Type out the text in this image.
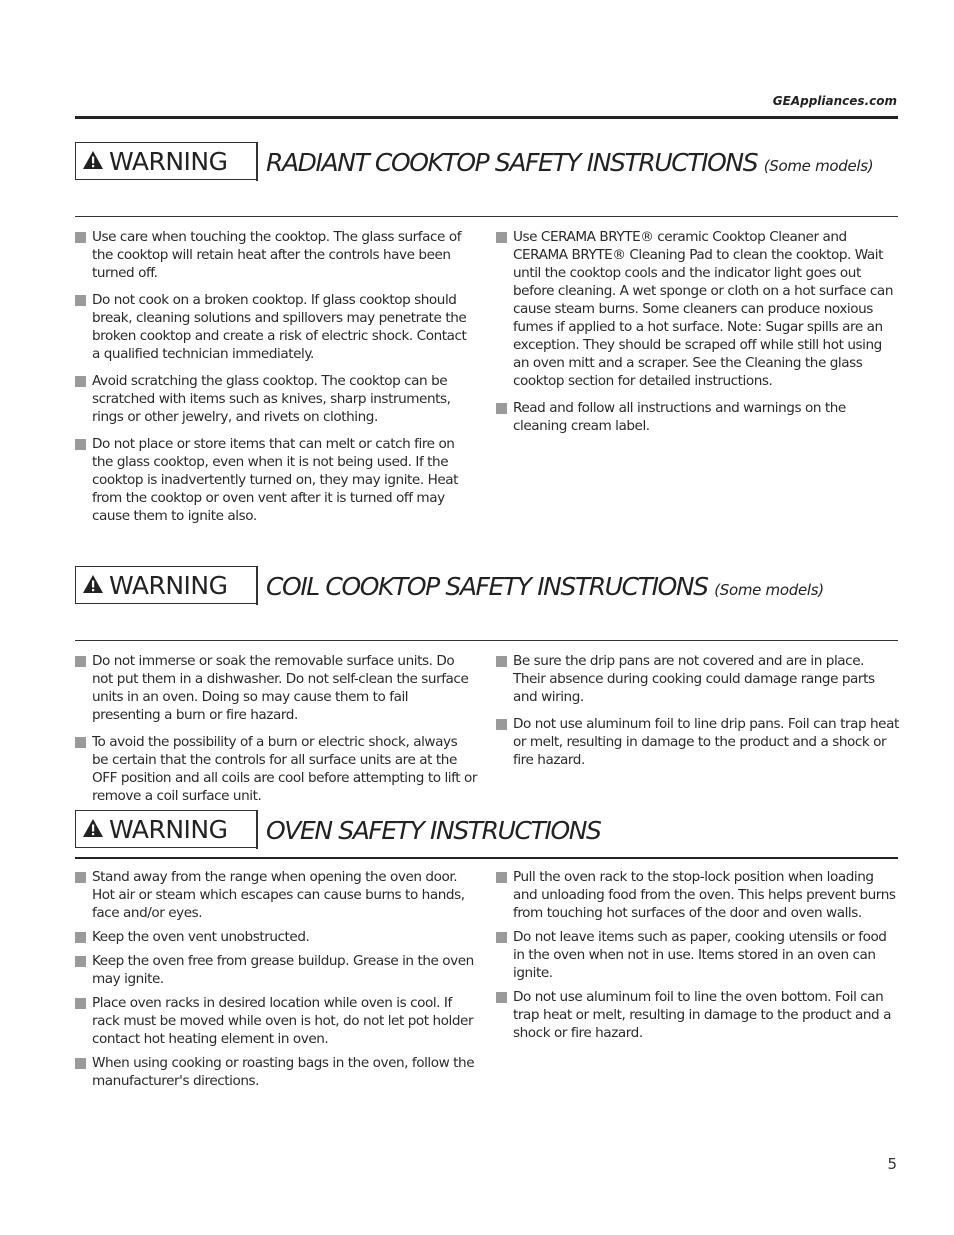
GEAppliances.com
WARNING RADIANT COOKTOP SAFETY INSTRUCTIONS (Some models)
Use care when touching the cooktop. The glass surface of the cooktop will retain heat after the controls have been turned off.
Do not cook on a broken cooktop. If glass cooktop should break, cleaning solutions and spillovers may penetrate the broken cooktop and create a risk of electric shock. Contact a qualified technician immediately.
Avoid scratching the glass cooktop. The cooktop can be scratched with items such as knives, sharp instruments, rings or other jewelry, and rivets on clothing.
Do not place or store items that can melt or catch fire on the glass cooktop, even when it is not being used. If the cooktop is inadvertently turned on, they may ignite. Heat from the cooktop or oven vent after it is turned off may cause them to ignite also.
Use CERAMA BRYTE® ceramic Cooktop Cleaner and CERAMA BRYTE® Cleaning Pad to clean the cooktop. Wait until the cooktop cools and the indicator light goes out before cleaning. A wet sponge or cloth on a hot surface can cause steam burns. Some cleaners can produce noxious fumes if applied to a hot surface. Note: Sugar spills are an exception. They should be scraped off while still hot using an oven mitt and a scraper. See the Cleaning the glass cooktop section for detailed instructions.
Read and follow all instructions and warnings on the cleaning cream label.
WARNING COIL COOKTOP SAFETY INSTRUCTIONS (Some models)
Do not immerse or soak the removable surface units. Do not put them in a dishwasher. Do not self-clean the surface units in an oven. Doing so may cause them to fail presenting a burn or fire hazard.
To avoid the possibility of a burn or electric shock, always be certain that the controls for all surface units are at the OFF position and all coils are cool before attempting to lift or remove a coil surface unit.
Be sure the drip pans are not covered and are in place. Their absence during cooking could damage range parts and wiring.
Do not use aluminum foil to line drip pans. Foil can trap heat or melt, resulting in damage to the product and a shock or fire hazard.
WARNING OVEN SAFETY INSTRUCTIONS
Stand away from the range when opening the oven door. Hot air or steam which escapes can cause burns to hands, face and/or eyes.
Keep the oven vent unobstructed.
Keep the oven free from grease buildup. Grease in the oven may ignite.
Place oven racks in desired location while oven is cool. If rack must be moved while oven is hot, do not let pot holder contact hot heating element in oven.
When using cooking or roasting bags in the oven, follow the manufacturer's directions.
Pull the oven rack to the stop-lock position when loading and unloading food from the oven. This helps prevent burns from touching hot surfaces of the door and oven walls.
Do not leave items such as paper, cooking utensils or food in the oven when not in use. Items stored in an oven can ignite.
Do not use aluminum foil to line the oven bottom. Foil can trap heat or melt, resulting in damage to the product and a shock or fire hazard.
5
